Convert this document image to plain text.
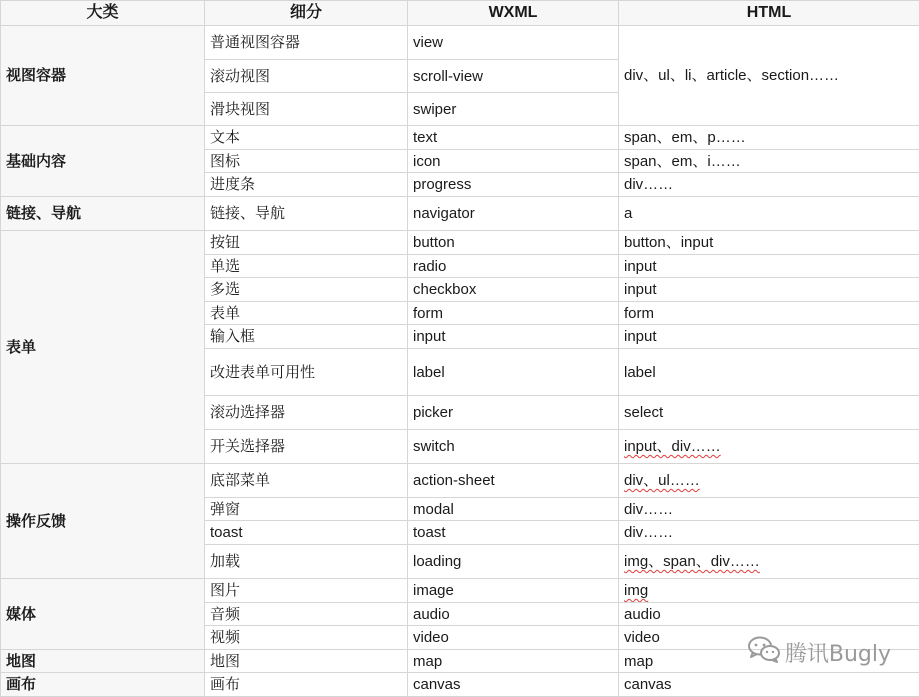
大类	细分	WXML	HTML
视图容器	普通视图容器	view	div、ul、li、article、section……
	滚动视图	scroll-view	
	滑块视图	swiper	
基础内容	文本	text	span、em、p……
	图标	icon	span、em、i……
	进度条	progress	div……
链接、导航	链接、导航	navigator	a
表单	按钮	button	button、input
	单选	radio	input
	多选	checkbox	input
	表单	form	form
	输入框	input	input
	改进表单可用性	label	label
	滚动选择器	picker	select
	开关选择器	switch	input、div……
操作反馈	底部菜单	action-sheet	div、ul……
	弹窗	modal	div……
	toast	toast	div……
	加载	loading	img、span、div……
媒体	图片	image	img
	音频	audio	audio
	视频	video	video
地图	地图	map	map
画布	画布	canvas	canvas
腾讯Bugly
